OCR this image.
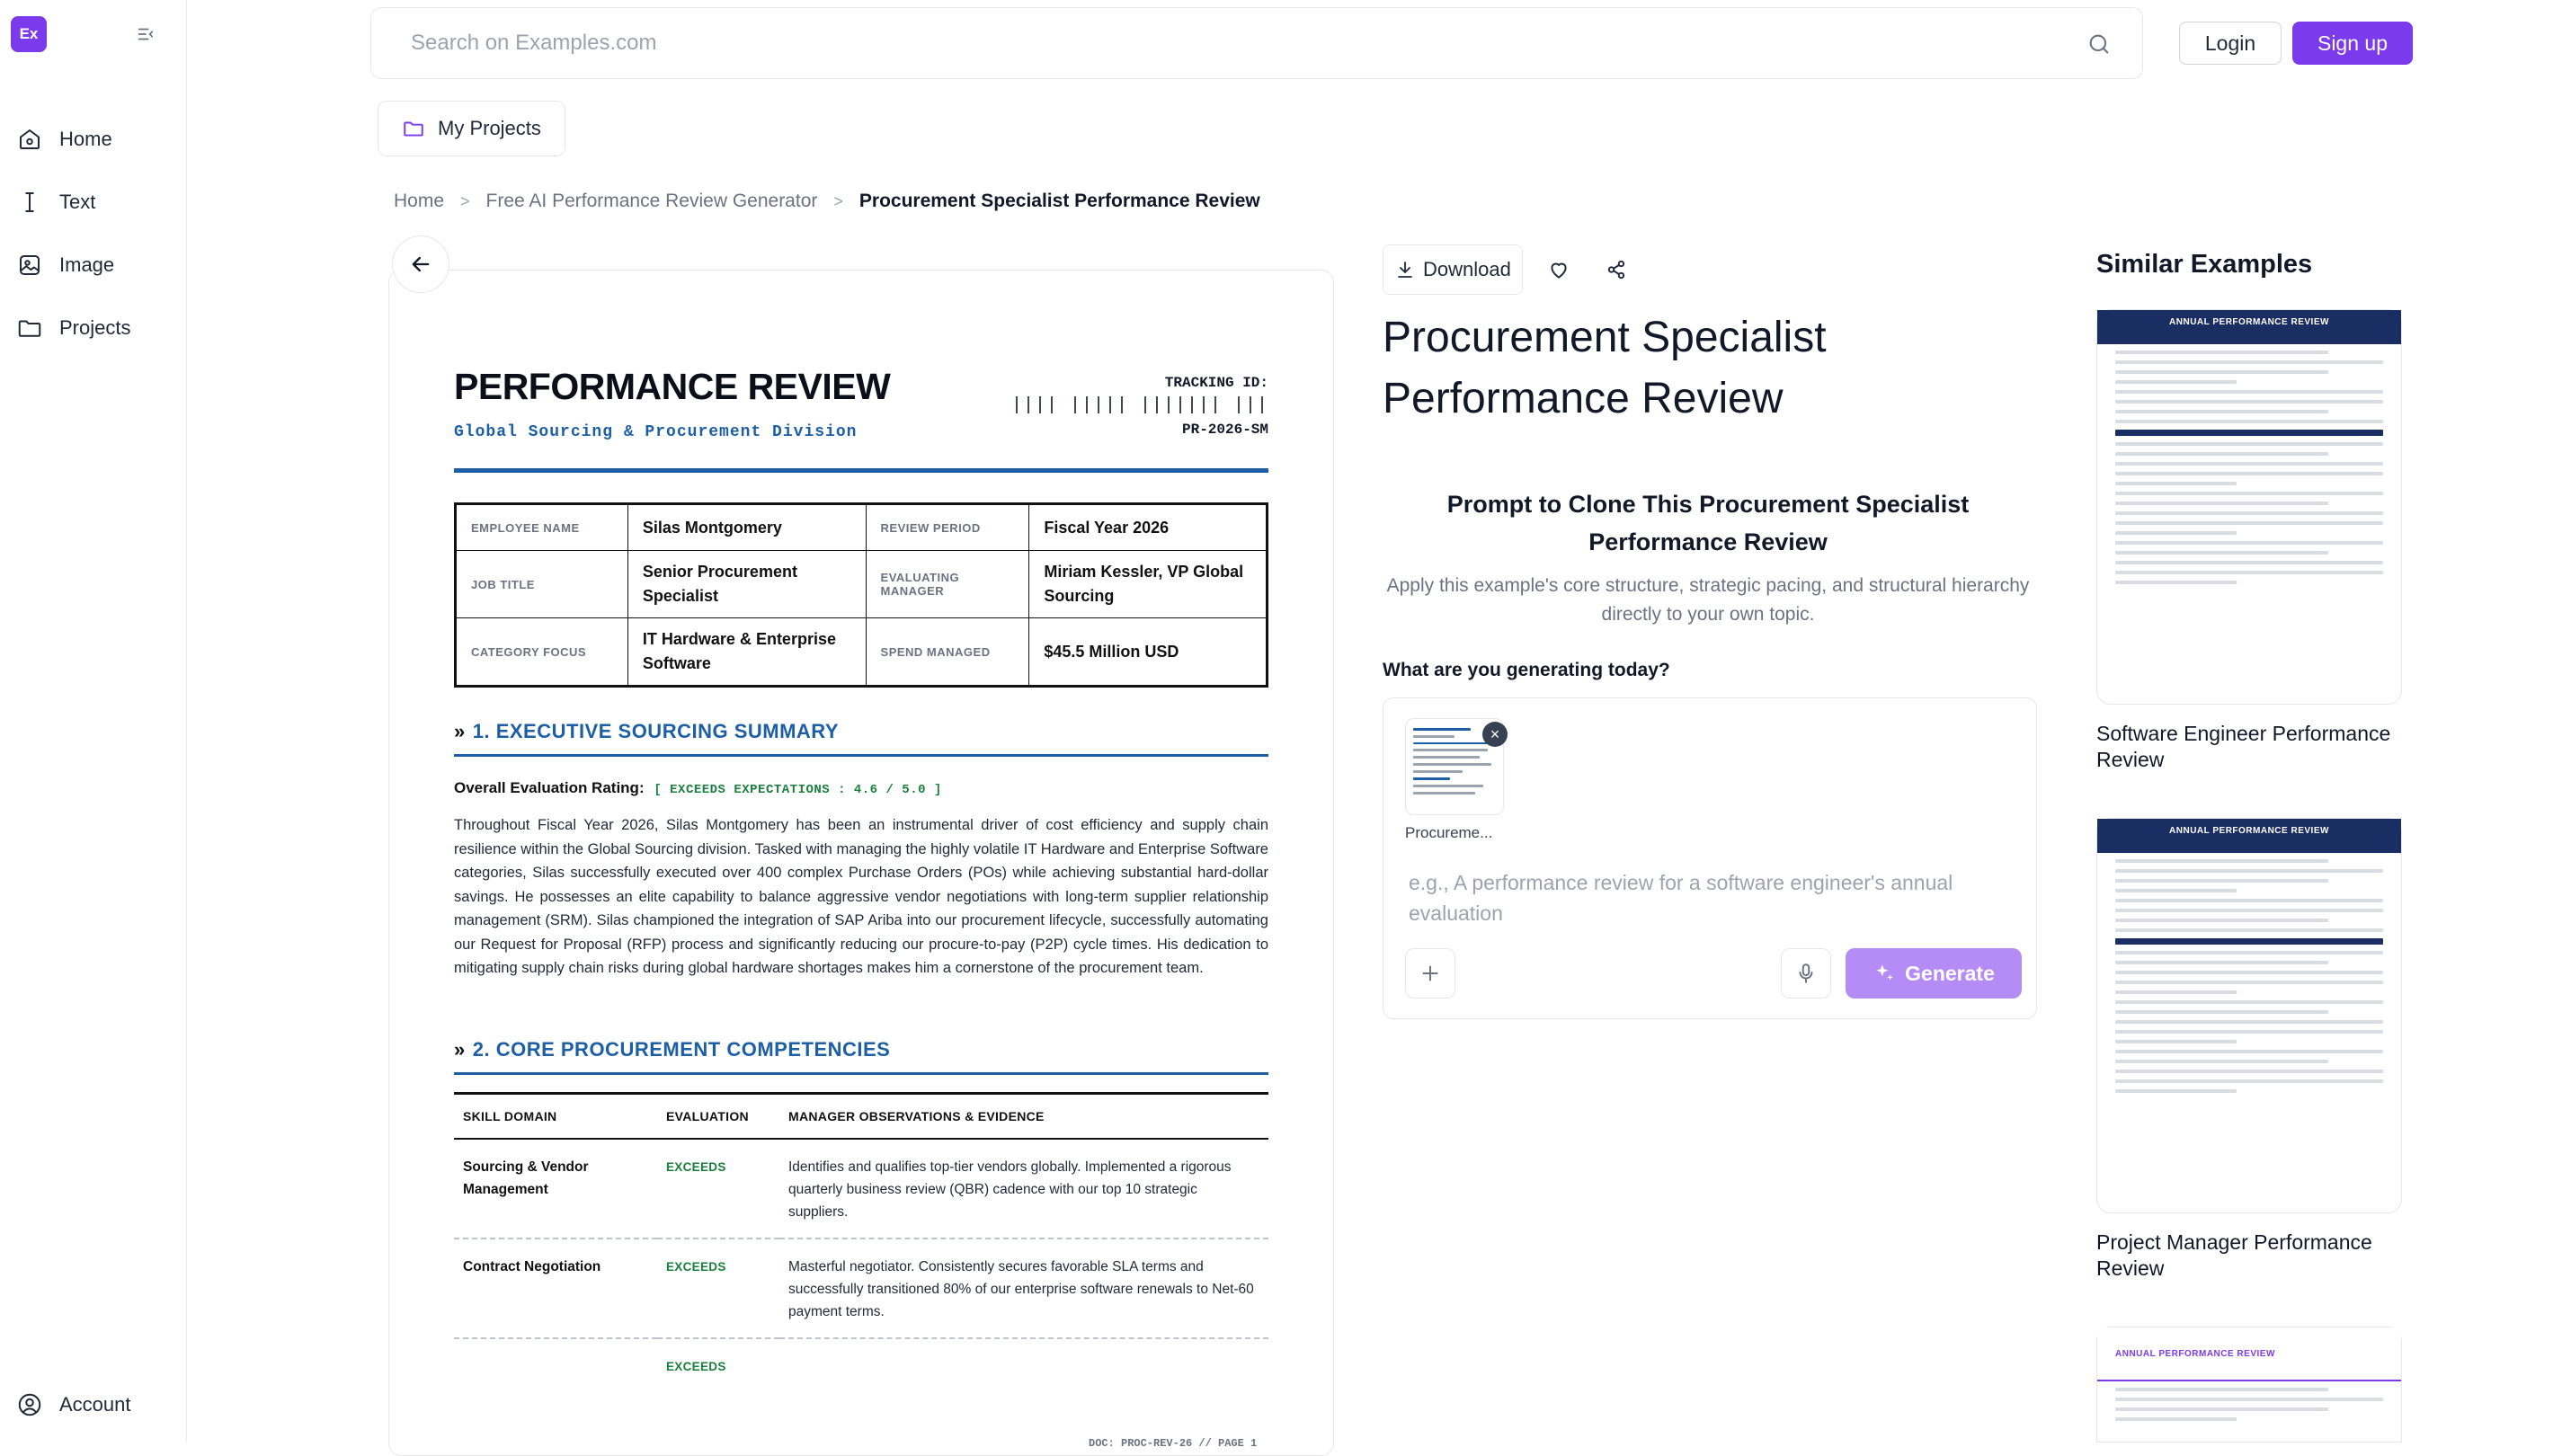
Ex
Home
Text
Image
Projects
Account
Search on Examples.com
Login	Sign up
My Projects
Home > Free AI Performance Review Generator > Procurement Specialist Performance Review
PERFORMANCE REVIEW
Global Sourcing & Procurement Division
TRACKING ID:
|||| ||||| ||||||| |||
PR-2026-SM
EMPLOYEE NAME	Silas Montgomery	REVIEW PERIOD	Fiscal Year 2026
JOB TITLE	Senior Procurement Specialist	EVALUATING MANAGER	Miriam Kessler, VP Global Sourcing
CATEGORY FOCUS	IT Hardware & Enterprise Software	SPEND MANAGED	$45.5 Million USD
» 1. EXECUTIVE SOURCING SUMMARY
Overall Evaluation Rating: [ EXCEEDS EXPECTATIONS : 4.6 / 5.0 ]

Throughout Fiscal Year 2026, Silas Montgomery has been an instrumental driver of cost efficiency and supply chain resilience within the Global Sourcing division. Tasked with managing the highly volatile IT Hardware and Enterprise Software categories, Silas successfully executed over 400 complex Purchase Orders (POs) while achieving substantial hard-dollar savings. He possesses an elite capability to balance aggressive vendor negotiations with long-term supplier relationship management (SRM). Silas championed the integration of SAP Ariba into our procurement lifecycle, successfully automating our Request for Proposal (RFP) process and significantly reducing our procure-to-pay (P2P) cycle times. His dedication to mitigating supply chain risks during global hardware shortages makes him a cornerstone of the procurement team.

» 2. CORE PROCUREMENT COMPETENCIES
SKILL DOMAIN	EVALUATION	MANAGER OBSERVATIONS & EVIDENCE
Sourcing & Vendor Management	EXCEEDS	Identifies and qualifies top-tier vendors globally. Implemented a rigorous quarterly business review (QBR) cadence with our top 10 strategic suppliers.
Contract Negotiation	EXCEEDS	Masterful negotiator. Consistently secures favorable SLA terms and successfully transitioned 80% of our enterprise software renewals to Net-60 payment terms.
	EXCEEDS	
DOC: PROC-REV-26 // PAGE 1
Download
Procurement Specialist Performance Review
Prompt to Clone This Procurement Specialist Performance Review
Apply this example's core structure, strategic pacing, and structural hierarchy directly to your own topic.
What are you generating today?
×
Procureme...
e.g., A performance review for a software engineer's annual evaluation
Generate
Similar Examples
ANNUAL PERFORMANCE REVIEW
Software Engineer Performance Review
ANNUAL PERFORMANCE REVIEW
Project Manager Performance Review
ANNUAL PERFORMANCE REVIEW
